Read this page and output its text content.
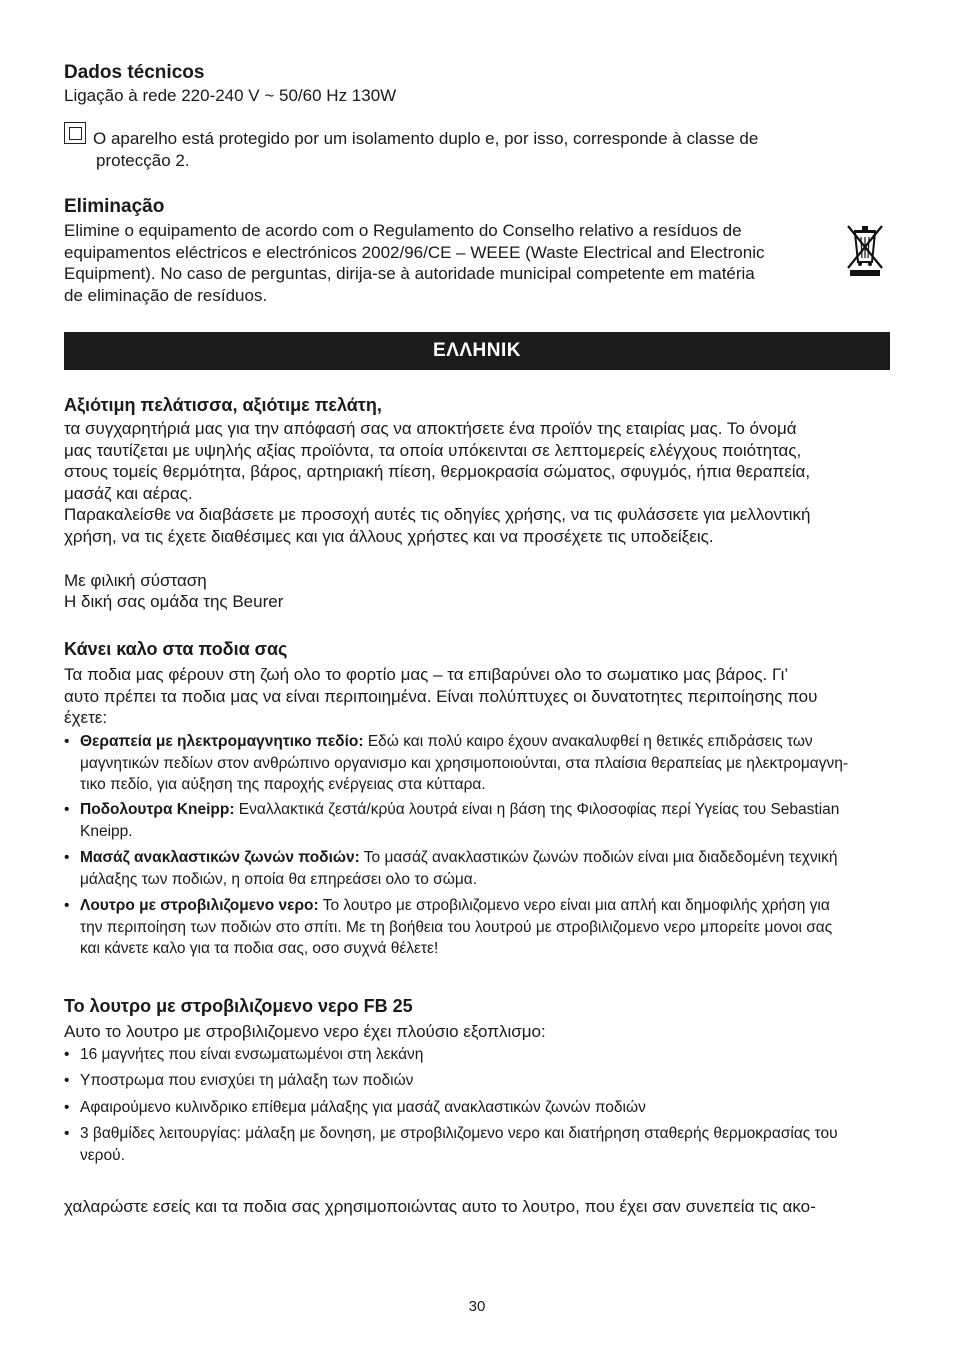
Dados técnicos
Ligação à rede 220-240 V ~ 50/60 Hz 130W
O aparelho está protegido por um isolamento duplo e, por isso, corresponde à classe de
protecção 2.
Eliminação
Elimine o equipamento de acordo com o Regulamento do Conselho relativo a resíduos de
equipamentos eléctricos e electrónicos 2002/96/CE – WEEE (Waste Electrical and Electronic
Equipment). No caso de perguntas, dirija-se à autoridade municipal competente em matéria
de eliminação de resíduos.
ΕΛΛΗΝΙΚ
Αξιότιμη πελάτισσα, αξιότιμε πελάτη,
τα συγχαρητήριά μας για την απόφασή σας να αποκτήσετε ένα προϊόν της εταιρίας μας. Το όνομά
μας ταυτίζεται με υψηλής αξίας προϊόντα, τα οποία υπόκεινται σε λεπτομερείς ελέγχους ποιότητας,
στους τομείς θερμότητα, βάρος, αρτηριακή πίεση, θερμοκρασία σώματος, σφυγμός, ήπια θεραπεία,
μασάζ και αέρας.
Παρακαλείσθε να διαβάσετε με προσοχή αυτές τις οδηγίες χρήσης, να τις φυλάσσετε για μελλοντική
χρήση, να τις έχετε διαθέσιμες και για άλλους χρήστες και να προσέχετε τις υποδείξεις.
Με φιλική σύσταση
Η δική σας ομάδα της Beurer
Κάνει καλο στα ποδια σας
Τα ποδια μας φέρουν στη ζωή ολο το φορτίο μας – τα επιβαρύνει ολο το σωματικο μας βάρος. Γι’
αυτο πρέπει τα ποδια μας να είναι περιποιημένα. Είναι πολύπτυχες οι δυνατοτητες περιποίησης που
έχετε:
• Θεραπεία με ηλεκτρομαγνητικο πεδίο: Εδώ και πολύ καιρο έχουν ανακαλυφθεί η θετικές επιδράσεις των
μαγνητικών πεδίων στον ανθρώπινο οργανισμο και χρησιμοποιούνται, στα πλαίσια θεραπείας με ηλεκτρομαγνη-
τικο πεδίο, για αύξηση της παροχής ενέργειας στα κύτταρα.
• Ποδολουτρα Kneipp: Εναλλακτικά ζεστά/κρύα λουτρά είναι η βάση της Φιλοσοφίας περί Υγείας του Sebastian
Kneipp.
• Μασάζ ανακλαστικών ζωνών ποδιών: Το μασάζ ανακλαστικών ζωνών ποδιών είναι μια διαδεδομένη τεχνική
μάλαξης των ποδιών, η οποία θα επηρεάσει ολο το σώμα.
• Λουτρο με στροβιλιζομενο νερο: Το λουτρο με στροβιλιζομενο νερο είναι μια απλή και δημοφιλής χρήση για
την περιποίηση των ποδιών στο σπίτι. Με τη βοήθεια του λουτρού με στροβιλιζομενο νερο μπορείτε μονοι σας
και κάνετε καλο για τα ποδια σας, οσο συχνά θέλετε!
Το λουτρο με στροβιλιζομενο νερο FB 25
Αυτο το λουτρο με στροβιλιζομενο νερο έχει πλούσιο εξοπλισμο:
• 16 μαγνήτες που είναι ενσωματωμένοι στη λεκάνη
• Υποστρωμα που ενισχύει τη μάλαξη των ποδιών
• Αφαιρούμενο κυλινδρικο επίθεμα μάλαξης για μασάζ ανακλαστικών ζωνών ποδιών
• 3 βαθμίδες λειτουργίας: μάλαξη με δονηση, με στροβιλιζομενο νερο και διατήρηση σταθερής θερμοκρασίας του
νερού.
χαλαρώστε εσείς και τα ποδια σας χρησιμοποιώντας αυτο το λουτρο, που έχει σαν συνεπεία τις ακο-
30
